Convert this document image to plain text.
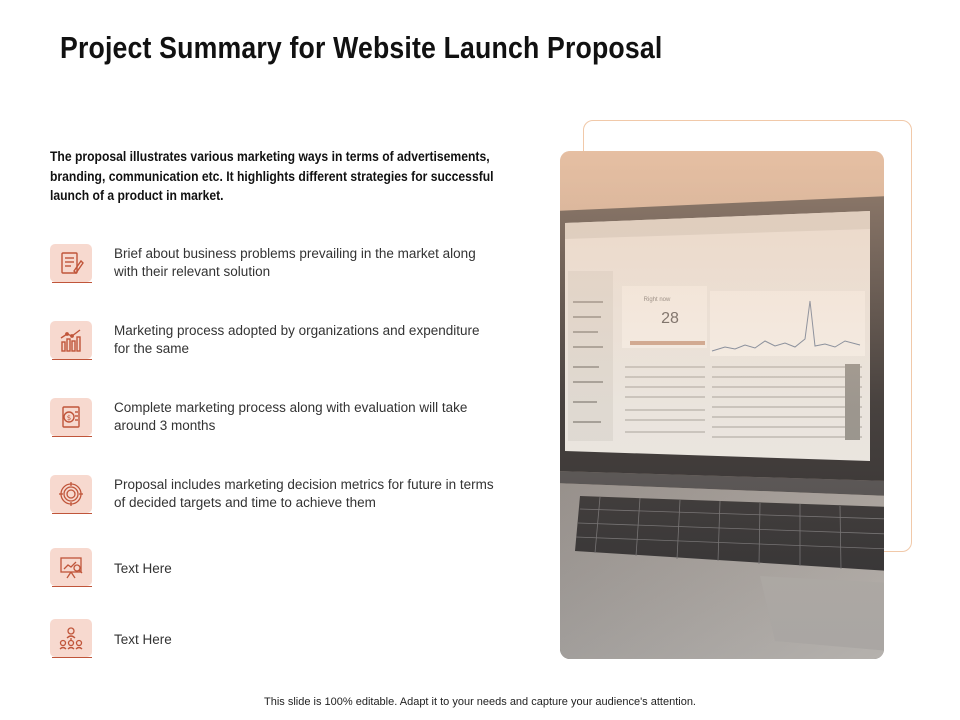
Project Summary for Website Launch Proposal
The proposal illustrates various marketing ways in terms of advertisements, branding, communication etc. It highlights different strategies for successful launch of a product in market.
Brief about business problems prevailing in the market along with their relevant solution
Marketing process adopted by organizations and expenditure for the same
$
Complete marketing process along with evaluation will take around 3 months
Proposal includes marketing decision metrics for future in terms of decided targets and time to achieve them
Text Here
Text Here
This slide is 100% editable. Adapt it to your needs and capture your audience's attention.
